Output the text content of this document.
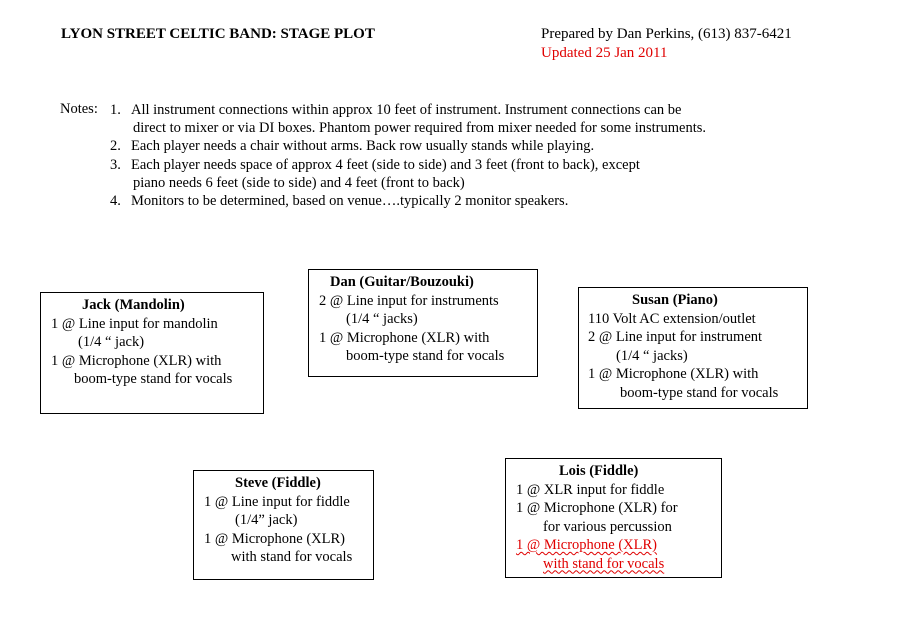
LYON STREET CELTIC BAND: STAGE PLOT	Prepared by Dan Perkins, (613) 837-6421
Updated 25 Jan 2011
Notes: 1. All instrument connections within approx 10 feet of instrument. Instrument connections can be
direct to mixer or via DI boxes. Phantom power required from mixer needed for some instruments.
2. Each player needs a chair without arms. Back row usually stands while playing.
3. Each player needs space of approx 4 feet (side to side) and 3 feet (front to back), except
piano needs 6 feet (side to side) and 4 feet (front to back)
4. Monitors to be determined, based on venue….typically 2 monitor speakers.
Jack (Mandolin)
1 @ Line input for mandolin
(1/4 “ jack)
1 @ Microphone (XLR) with
boom-type stand for vocals
Dan (Guitar/Bouzouki)
2 @ Line input for instruments
(1/4 “ jacks)
1 @ Microphone (XLR) with
boom-type stand for vocals
Susan (Piano)
110 Volt AC extension/outlet
2 @ Line input for instrument
(1/4 “ jacks)
1 @ Microphone (XLR) with
boom-type stand for vocals
Steve (Fiddle)
1 @ Line input for fiddle
(1/4” jack)
1 @ Microphone (XLR)
with stand for vocals
Lois (Fiddle)
1 @ XLR input for fiddle
1 @ Microphone (XLR) for
for various percussion
1 @ Microphone (XLR)
with stand for vocals
